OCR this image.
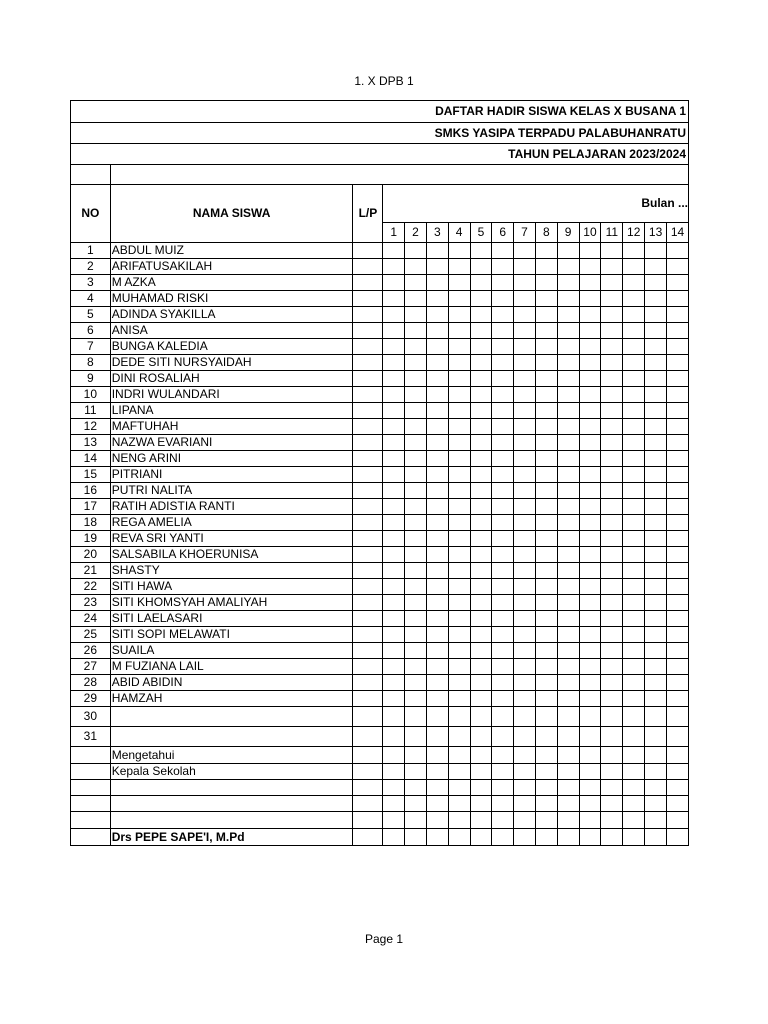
1. X DPB 1
DAFTAR HADIR SISWA KELAS X BUSANA 1																
SMKS YASIPA TERPADU PALABUHANRATU																
TAHUN PELAJARAN 2023/2024																

NO	NAMA SISWA	L/P	Bulan ...													
			1	2	3	4	5	6	7	8	9	10	11	12	13	14
1	ABDUL MUIZ															
2	ARIFATUSAKILAH															
3	M AZKA															
4	MUHAMAD RISKI															
5	ADINDA SYAKILLA															
6	ANISA															
7	BUNGA KALEDIA															
8	DEDE SITI NURSYAIDAH															
9	DINI ROSALIAH															
10	INDRI WULANDARI															
11	LIPANA															
12	MAFTUHAH															
13	NAZWA EVARIANI															
14	NENG ARINI															
15	PITRIANI															
16	PUTRI NALITA															
17	RATIH ADISTIA RANTI															
18	REGA AMELIA															
19	REVA SRI YANTI															
20	SALSABILA KHOERUNISA															
21	SHASTY															
22	SITI HAWA															
23	SITI KHOMSYAH AMALIYAH															
24	SITI LAELASARI															
25	SITI SOPI MELAWATI															
26	SUAILA															
27	M FUZIANA LAIL															
28	ABID ABIDIN															
29	HAMZAH															
30																
31																
	Mengetahui															
	Kepala Sekolah															

	Drs PEPE SAPE'I, M.Pd															
Page 1
